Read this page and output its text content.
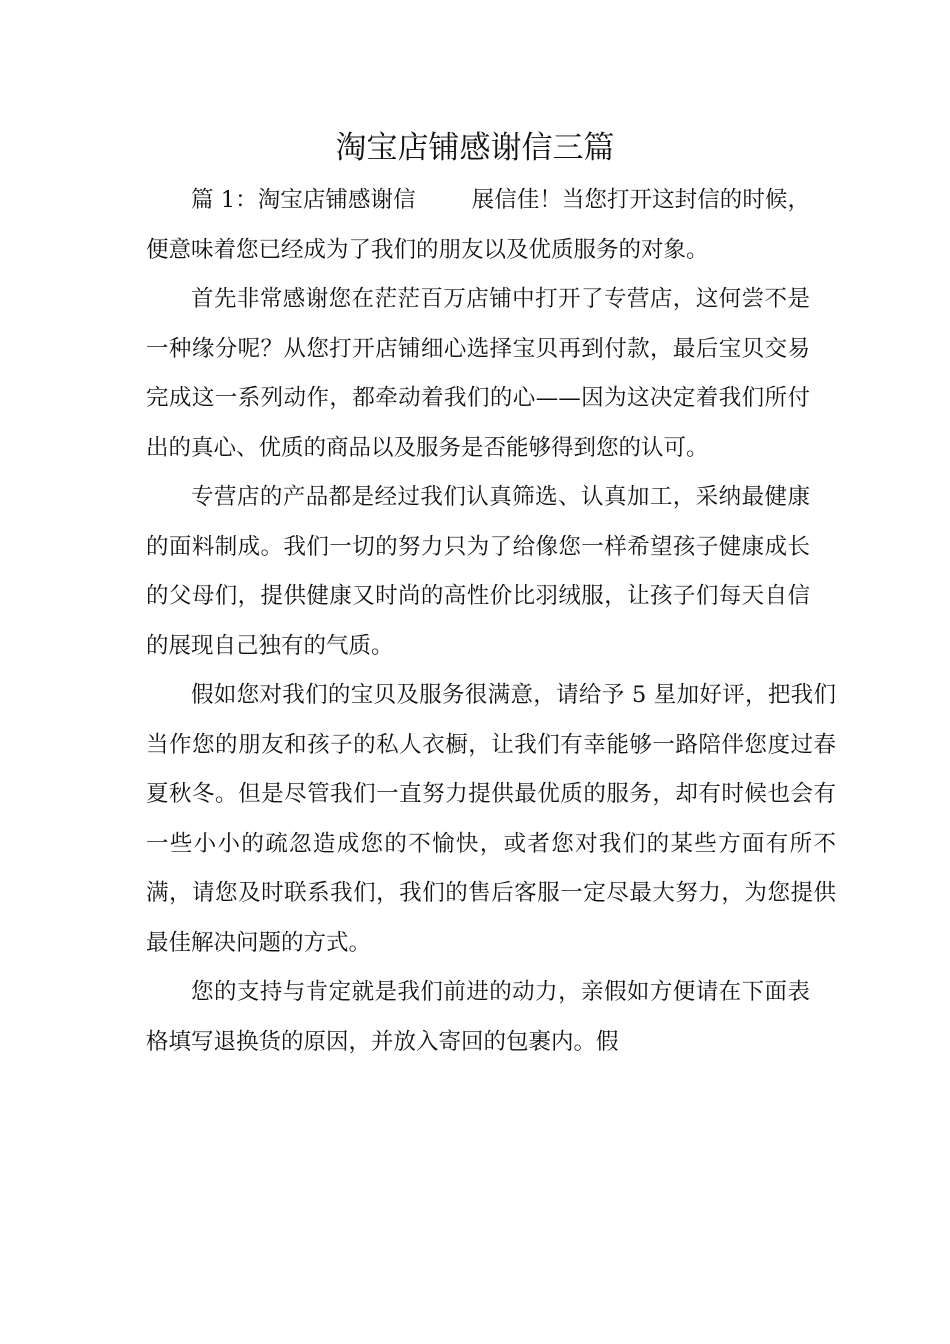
淘宝店铺感谢信三篇

篇 1：淘宝店铺感谢信 展信佳！当您打开这封信的时候，便意味着您已经成为了我们的朋友以及优质服务的对象。

首先非常感谢您在茫茫百万店铺中打开了专营店，这何尝不是一种缘分呢？从您打开店铺细心选择宝贝再到付款，最后宝贝交易完成这一系列动作，都牵动着我们的心——因为这决定着我们所付出的真心、优质的商品以及服务是否能够得到您的认可。

专营店的产品都是经过我们认真筛选、认真加工，采纳最健康的面料制成。我们一切的努力只为了给像您一样希望孩子健康成长的父母们，提供健康又时尚的高性价比羽绒服，让孩子们每天自信的展现自己独有的气质。

假如您对我们的宝贝及服务很满意，请给予 5 星加好评，把我们当作您的朋友和孩子的私人衣橱，让我们有幸能够一路陪伴您度过春夏秋冬。但是尽管我们一直努力提供最优质的服务，却有时候也会有一些小小的疏忽造成您的不愉快，或者您对我们的某些方面有所不满，请您及时联系我们，我们的售后客服一定尽最大努力，为您提供最佳解决问题的方式。

您的支持与肯定就是我们前进的动力，亲假如方便请在下面表格填写退换货的原因，并放入寄回的包裹内。假
